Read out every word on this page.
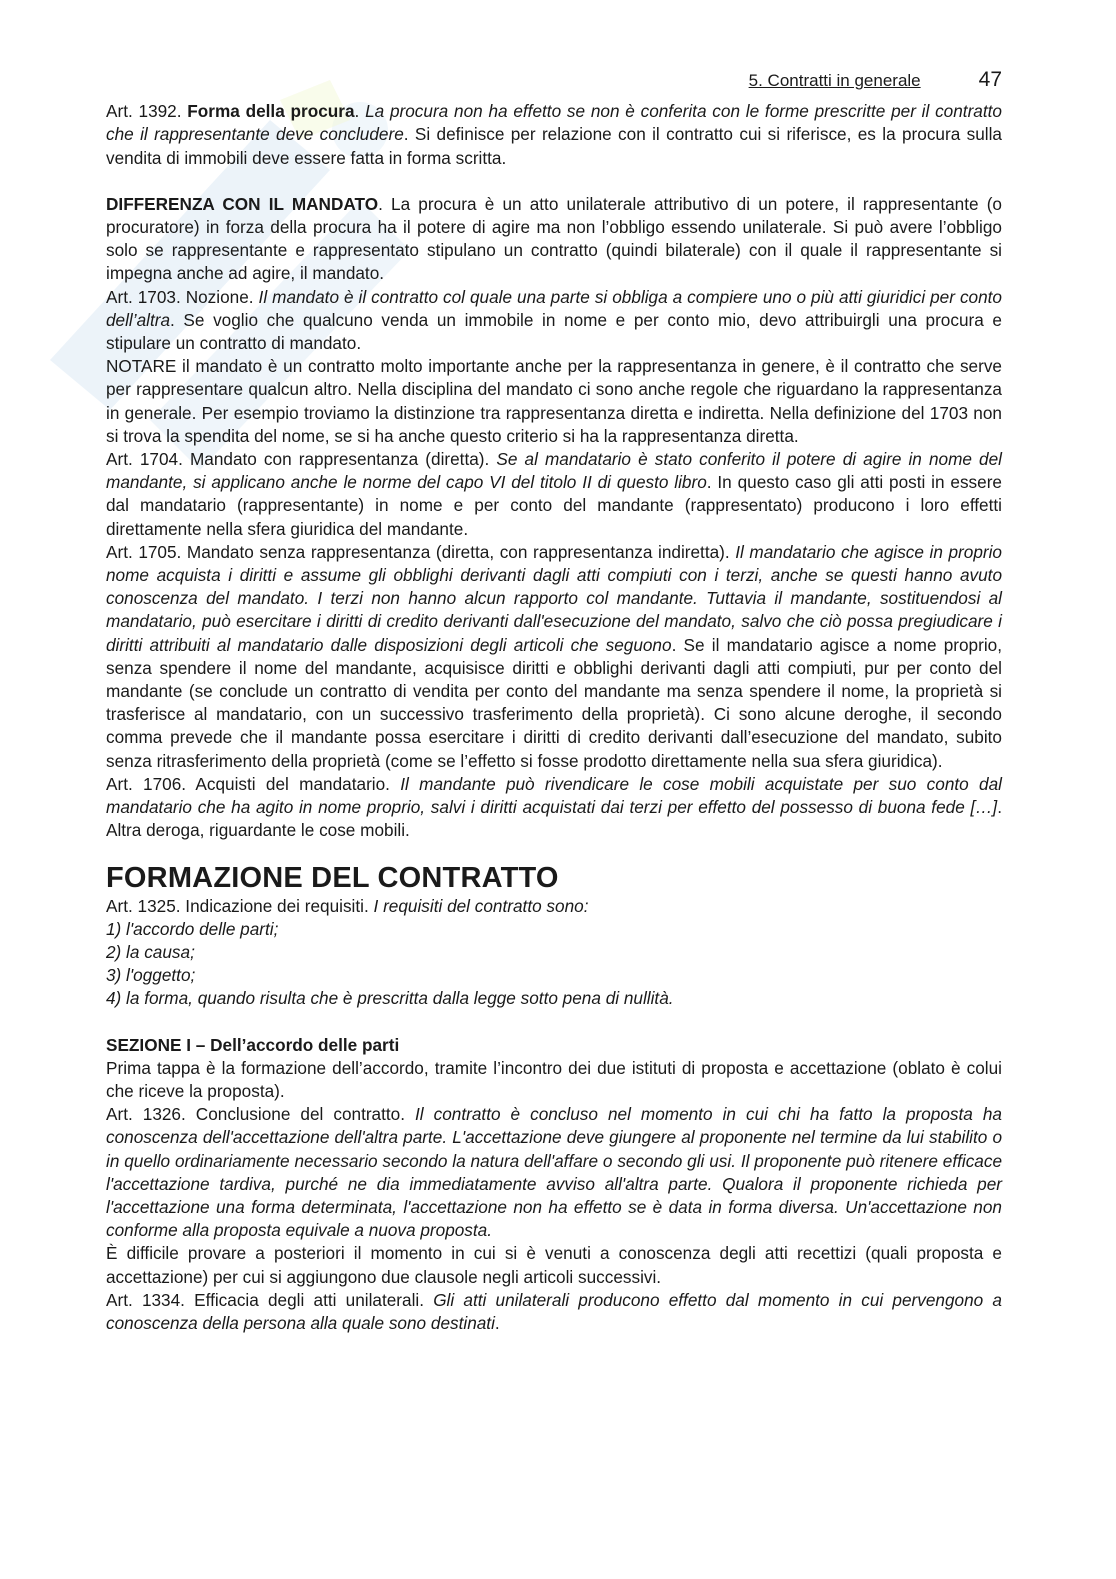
5. Contratti in generale	47

Art. 1392. Forma della procura. La procura non ha effetto se non è conferita con le forme prescritte per il contratto che il rappresentante deve concludere. Si definisce per relazione con il contratto cui si riferisce, es la procura sulla vendita di immobili deve essere fatta in forma scritta.

DIFFERENZA CON IL MANDATO. La procura è un atto unilaterale attributivo di un potere, il rappresentante (o procuratore) in forza della procura ha il potere di agire ma non l’obbligo essendo unilaterale. Si può avere l’obbligo solo se rappresentante e rappresentato stipulano un contratto (quindi bilaterale) con il quale il rappresentante si impegna anche ad agire, il mandato.

Art. 1703. Nozione. Il mandato è il contratto col quale una parte si obbliga a compiere uno o più atti giuridici per conto dell’altra. Se voglio che qualcuno venda un immobile in nome e per conto mio, devo attribuirgli una procura e stipulare un contratto di mandato.

NOTARE il mandato è un contratto molto importante anche per la rappresentanza in genere, è il contratto che serve per rappresentare qualcun altro. Nella disciplina del mandato ci sono anche regole che riguardano la rappresentanza in generale. Per esempio troviamo la distinzione tra rappresentanza diretta e indiretta. Nella definizione del 1703 non si trova la spendita del nome, se si ha anche questo criterio si ha la rappresentanza diretta.

Art. 1704. Mandato con rappresentanza (diretta). Se al mandatario è stato conferito il potere di agire in nome del mandante, si applicano anche le norme del capo VI del titolo II di questo libro. In questo caso gli atti posti in essere dal mandatario (rappresentante) in nome e per conto del mandante (rappresentato) producono i loro effetti direttamente nella sfera giuridica del mandante.

Art. 1705. Mandato senza rappresentanza (diretta, con rappresentanza indiretta). Il mandatario che agisce in proprio nome acquista i diritti e assume gli obblighi derivanti dagli atti compiuti con i terzi, anche se questi hanno avuto conoscenza del mandato. I terzi non hanno alcun rapporto col mandante. Tuttavia il mandante, sostituendosi al mandatario, può esercitare i diritti di credito derivanti dall'esecuzione del mandato, salvo che ciò possa pregiudicare i diritti attribuiti al mandatario dalle disposizioni degli articoli che seguono. Se il mandatario agisce a nome proprio, senza spendere il nome del mandante, acquisisce diritti e obblighi derivanti dagli atti compiuti, pur per conto del mandante (se conclude un contratto di vendita per conto del mandante ma senza spendere il nome, la proprietà si trasferisce al mandatario, con un successivo trasferimento della proprietà). Ci sono alcune deroghe, il secondo comma prevede che il mandante possa esercitare i diritti di credito derivanti dall’esecuzione del mandato, subito senza ritrasferimento della proprietà (come se l’effetto si fosse prodotto direttamente nella sua sfera giuridica).

Art. 1706. Acquisti del mandatario. Il mandante può rivendicare le cose mobili acquistate per suo conto dal mandatario che ha agito in nome proprio, salvi i diritti acquistati dai terzi per effetto del possesso di buona fede […]. Altra deroga, riguardante le cose mobili.

FORMAZIONE DEL CONTRATTO

Art. 1325. Indicazione dei requisiti. I requisiti del contratto sono:

1) l'accordo delle parti;

2) la causa;

3) l'oggetto;

4) la forma, quando risulta che è prescritta dalla legge sotto pena di nullità.

SEZIONE I – Dell’accordo delle parti

Prima tappa è la formazione dell’accordo, tramite l’incontro dei due istituti di proposta e accettazione (oblato è colui che riceve la proposta).

Art. 1326. Conclusione del contratto. Il contratto è concluso nel momento in cui chi ha fatto la proposta ha conoscenza dell'accettazione dell'altra parte. L'accettazione deve giungere al proponente nel termine da lui stabilito o in quello ordinariamente necessario secondo la natura dell'affare o secondo gli usi. Il proponente può ritenere efficace l'accettazione tardiva, purché ne dia immediatamente avviso all'altra parte. Qualora il proponente richieda per l'accettazione una forma determinata, l'accettazione non ha effetto se è data in forma diversa. Un'accettazione non conforme alla proposta equivale a nuova proposta.

È difficile provare a posteriori il momento in cui si è venuti a conoscenza degli atti recettizi (quali proposta e accettazione) per cui si aggiungono due clausole negli articoli successivi.

Art. 1334. Efficacia degli atti unilaterali. Gli atti unilaterali producono effetto dal momento in cui pervengono a conoscenza della persona alla quale sono destinati.
